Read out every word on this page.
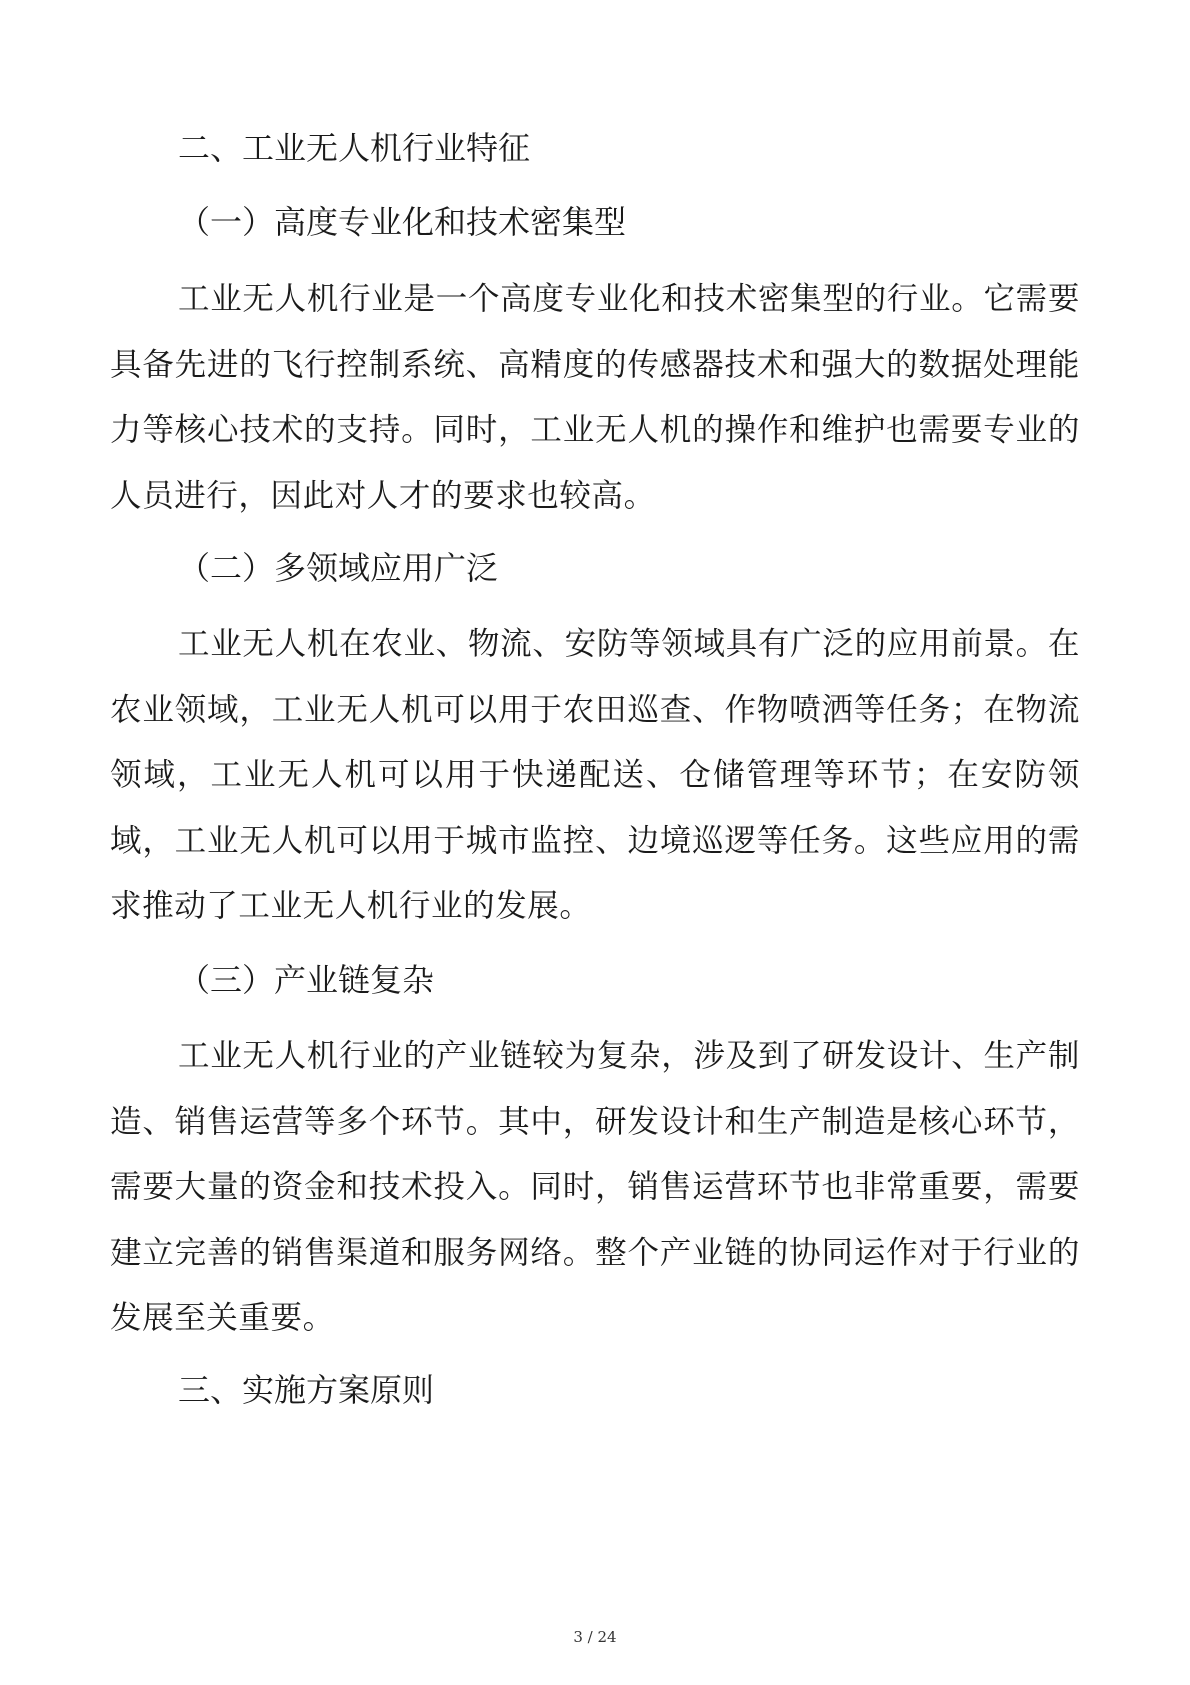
二、工业无人机行业特征
（一）高度专业化和技术密集型

工业无人机行业是一个高度专业化和技术密集型的行业。它需要具备先进的飞行控制系统、高精度的传感器技术和强大的数据处理能力等核心技术的支持。同时，工业无人机的操作和维护也需要专业的人员进行，因此对人才的要求也较高。

（二）多领域应用广泛

工业无人机在农业、物流、安防等领域具有广泛的应用前景。在农业领域，工业无人机可以用于农田巡查、作物喷洒等任务；在物流领域，工业无人机可以用于快递配送、仓储管理等环节；在安防领域，工业无人机可以用于城市监控、边境巡逻等任务。这些应用的需求推动了工业无人机行业的发展。

（三）产业链复杂

工业无人机行业的产业链较为复杂，涉及到了研发设计、生产制造、销售运营等多个环节。其中，研发设计和生产制造是核心环节，需要大量的资金和技术投入。同时，销售运营环节也非常重要，需要建立完善的销售渠道和服务网络。整个产业链的协同运作对于行业的发展至关重要。

三、实施方案原则
3 / 24
